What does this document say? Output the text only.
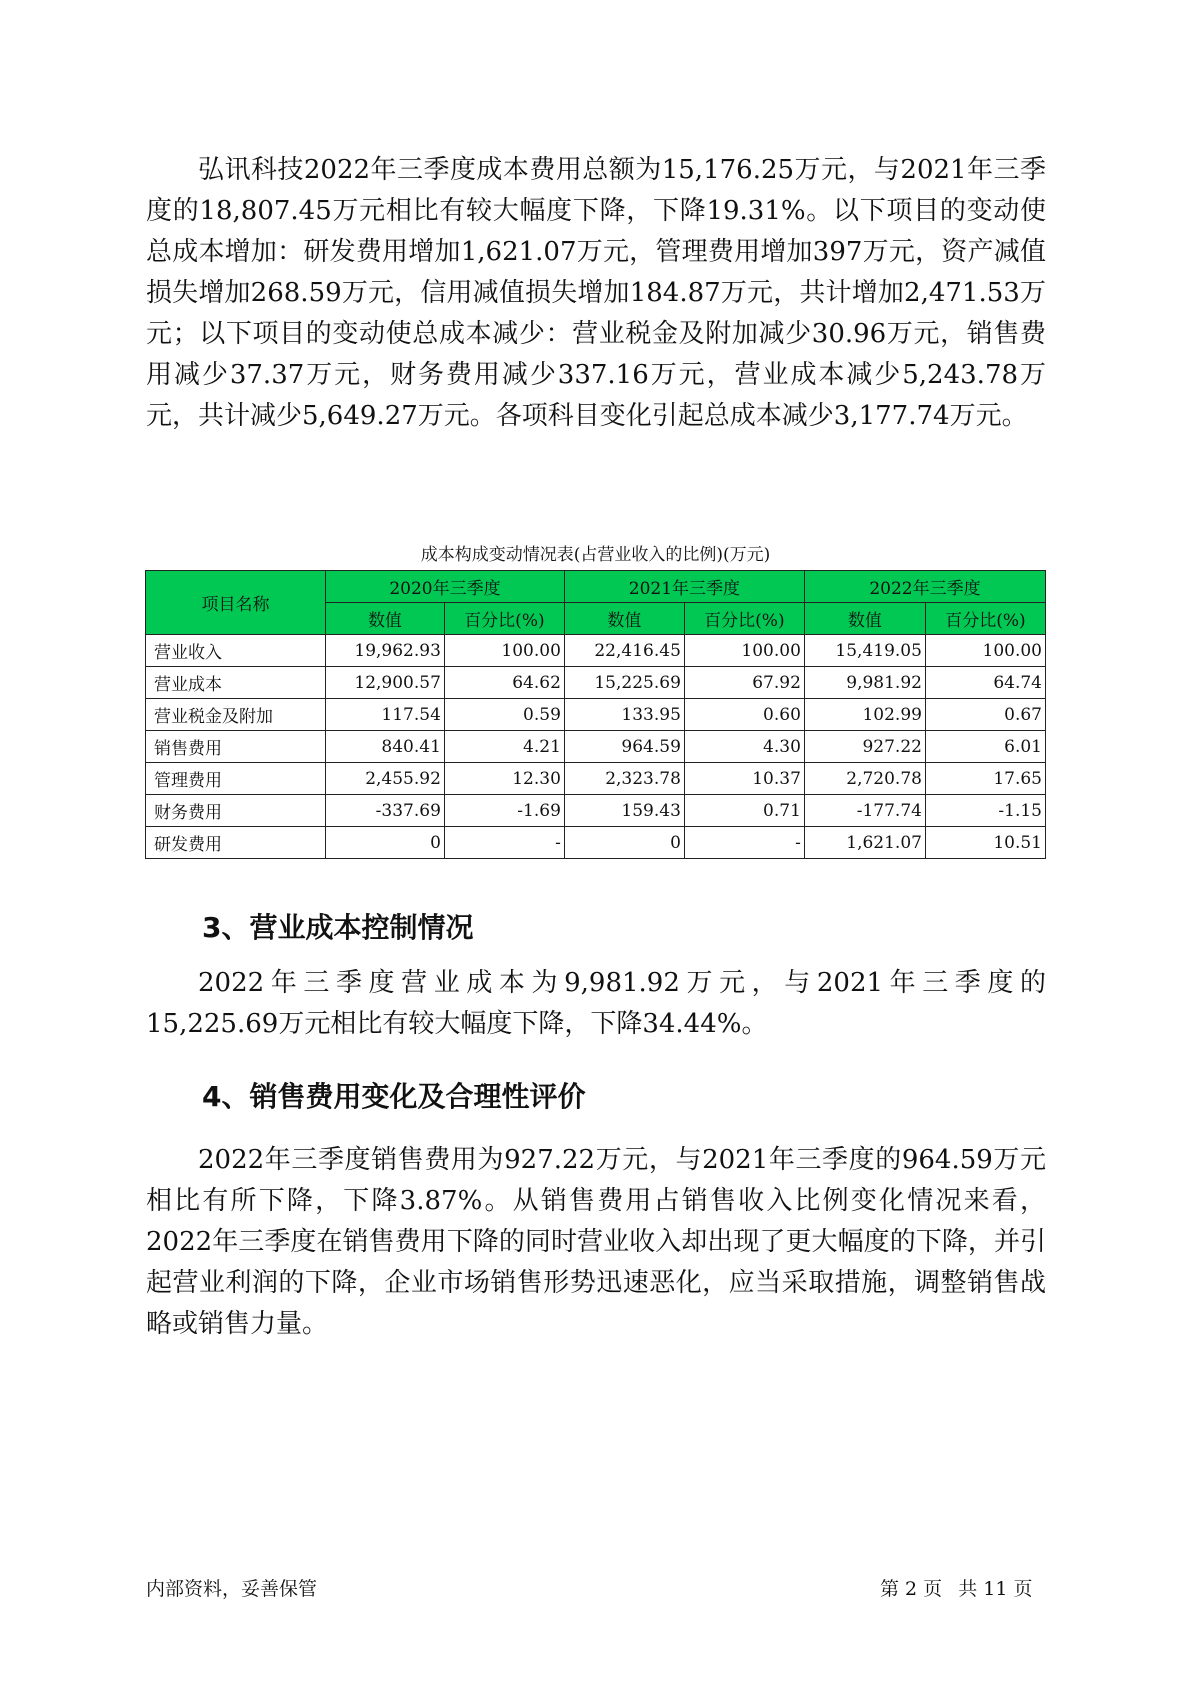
弘讯科技2022年三季度成本费用总额为15,176.25万元，与2021年三季度的18,807.45万元相比有较大幅度下降，下降19.31%。以下项目的变动使总成本增加：研发费用增加1,621.07万元，管理费用增加397万元，资产减值损失增加268.59万元，信用减值损失增加184.87万元，共计增加2,471.53万元；以下项目的变动使总成本减少：营业税金及附加减少30.96万元，销售费用减少37.37万元，财务费用减少337.16万元，营业成本减少5,243.78万元，共计减少5,649.27万元。各项科目变化引起总成本减少3,177.74万元。

成本构成变动情况表(占营业收入的比例)(万元)
项目名称	2020年三季度		2021年三季度		2022年三季度	
	数值	百分比(%)	数值	百分比(%)	数值	百分比(%)
营业收入	19,962.93	100.00	22,416.45	100.00	15,419.05	100.00
营业成本	12,900.57	64.62	15,225.69	67.92	9,981.92	64.74
营业税金及附加	117.54	0.59	133.95	0.60	102.99	0.67
销售费用	840.41	4.21	964.59	4.30	927.22	6.01
管理费用	2,455.92	12.30	2,323.78	10.37	2,720.78	17.65
财务费用	-337.69	-1.69	159.43	0.71	-177.74	-1.15
研发费用	0	-	0	-	1,621.07	10.51
3、营业成本控制情况

2022年三季度营业成本为9,981.92万元，与2021年三季度的15,225.69万元相比有较大幅度下降，下降34.44%。

4、销售费用变化及合理性评价

2022年三季度销售费用为927.22万元，与2021年三季度的964.59万元相比有所下降，下降3.87%。从销售费用占销售收入比例变化情况来看，2022年三季度在销售费用下降的同时营业收入却出现了更大幅度的下降，并引起营业利润的下降，企业市场销售形势迅速恶化，应当采取措施，调整销售战略或销售力量。

内部资料，妥善保管	第 2 页 共 11 页
